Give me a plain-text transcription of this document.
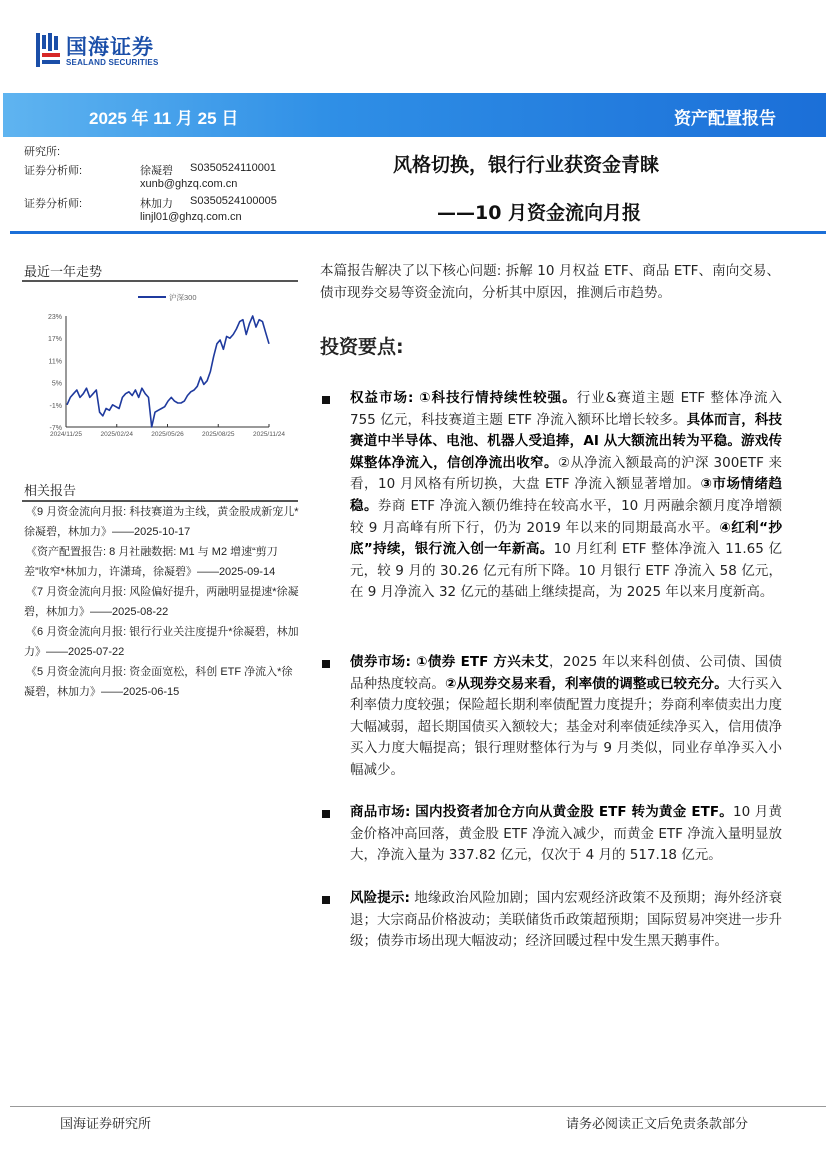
国海证券
SEALAND SECURITIES
2025 年 11 月 25 日	资产配置报告
研究所:
证券分析师:	徐凝碧 S0350524110001
xunb@ghzq.com.cn
证券分析师:	林加力 S0350524100005
linjl01@ghzq.com.cn
风格切换，银行行业获资金青睐
——10 月资金流向月报
最近一年走势
23%
17%
11%
5%
-1%
-7%
2024/11/25	2025/02/24	2025/05/26	2025/08/25	2025/11/24
沪深300
相关报告

《9 月资金流向月报: 科技赛道为主线，黄金股成新宠儿*徐凝碧，林加力》——2025-10-17

《资产配置报告: 8 月社融数据: M1 与 M2 增速“剪刀差”收窄*林加力，许潇琦，徐凝碧》——2025-09-14

《7 月资金流向月报: 风险偏好提升，两融明显提速*徐凝碧，林加力》——2025-08-22

《6 月资金流向月报: 银行行业关注度提升*徐凝碧，林加力》——2025-07-22

《5 月资金流向月报: 资金面宽松，科创 ETF 净流入*徐凝碧，林加力》——2025-06-15

本篇报告解决了以下核心问题: 拆解 10 月权益 ETF、商品 ETF、南向交易、债市现券交易等资金流向，分析其中原因，推测后市趋势。
投资要点:
权益市场: ①科技行情持续性较强。行业&赛道主题 ETF 整体净流入 755 亿元，科技赛道主题 ETF 净流入额环比增长较多。具体而言，科技赛道中半导体、电池、机器人受追捧，AI 从大额流出转为平稳。游戏传媒整体净流入，信创净流出收窄。②从净流入额最高的沪深 300ETF 来看，10 月风格有所切换，大盘 ETF 净流入额显著增加。③市场情绪趋稳。券商 ETF 净流入额仍维持在较高水平，10 月两融余额月度净增额较 9 月高峰有所下行，仍为 2019 年以来的同期最高水平。④红利“抄底”持续，银行流入创一年新高。10 月红利 ETF 整体净流入 11.65 亿元，较 9 月的 30.26 亿元有所下降。10 月银行 ETF 净流入 58 亿元，在 9 月净流入 32 亿元的基础上继续提高，为 2025 年以来月度新高。
债券市场: ①债券 ETF 方兴未艾，2025 年以来科创债、公司债、国债品种热度较高。②从现券交易来看，利率债的调整或已较充分。大行买入利率债力度较强；保险超长期利率债配置力度提升；券商利率债卖出力度大幅减弱，超长期国债买入额较大；基金对利率债延续净买入，信用债净买入力度大幅提高；银行理财整体行为与 9 月类似，同业存单净买入小幅减少。
商品市场: 国内投资者加仓方向从黄金股 ETF 转为黄金 ETF。10 月黄金价格冲高回落，黄金股 ETF 净流入减少，而黄金 ETF 净流入量明显放大，净流入量为 337.82 亿元，仅次于 4 月的 517.18 亿元。
风险提示: 地缘政治风险加剧；国内宏观经济政策不及预期；海外经济衰退；大宗商品价格波动；美联储货币政策超预期；国际贸易冲突进一步升级；债券市场出现大幅波动；经济回暖过程中发生黑天鹅事件。
国海证券研究所	请务必阅读正文后免责条款部分
